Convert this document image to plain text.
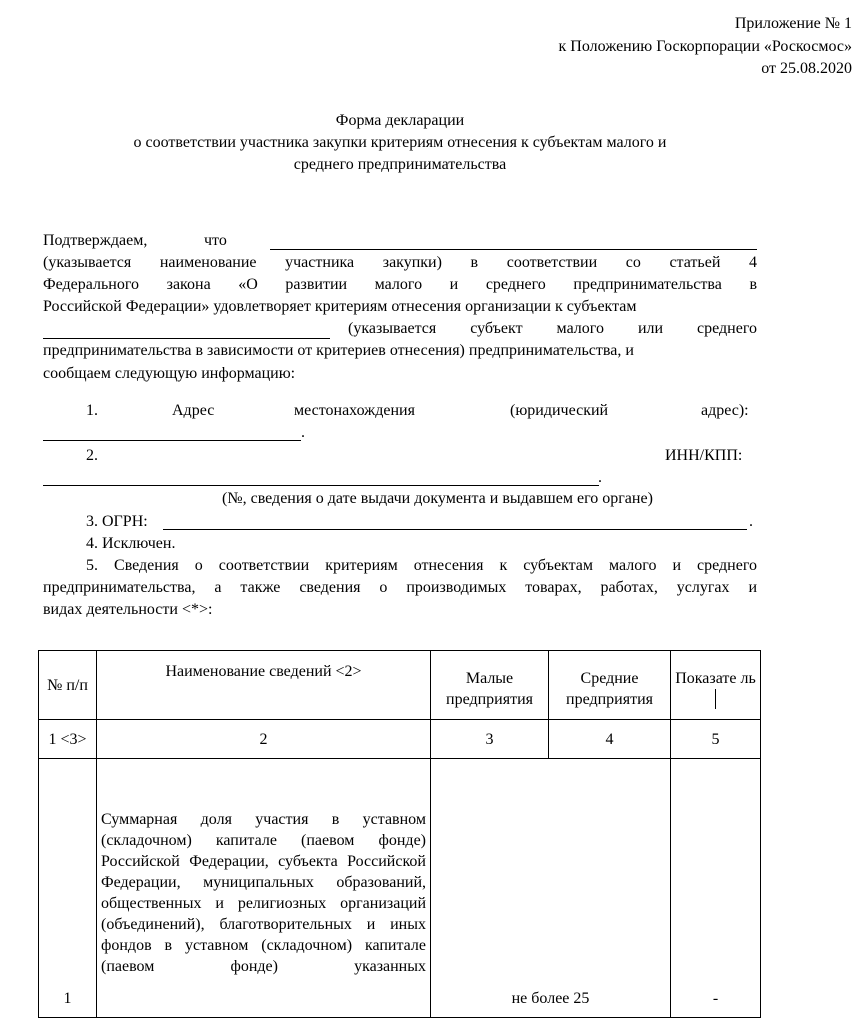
Приложение № 1
к Положению Госкорпорации «Роскосмос»
от 25.08.2020
Форма декларации
о соответствии участника закупки критериям отнесения к субъектам малого и
среднего предпринимательства
Подтверждаем,	что
(указывается наименование участника закупки) в соответствии со статьей 4
Федерального закона «О развитии малого и среднего предпринимательства в
Российской Федерации» удовлетворяет критериям отнесения организации к субъектам
(указывается субъект малого или среднего
предпринимательства в зависимости от критериев отнесения) предпринимательства, и
сообщаем следующую информацию:
1.	Адрес	местонахождения	(юридический	адрес):
.
2.	ИНН/КПП:
.
(№, сведения о дате выдачи документа и выдавшем его органе)
3. ОГРН:	.
4. Исключен.
5. Сведения о соответствии критериям отнесения к субъектам малого и среднего
предпринимательства, а также сведения о производимых товарах, работах, услугах и
видах деятельности <*>:
№ п/п	Наименование сведений <2>	Малые предприятия	Средние предприятия	Показате ль
1 <3>	2	3	4	5
1	Суммарная доля участия в уставном (складочном) капитале (паевом фонде) Российской Федерации, субъекта Российской Федерации, муниципальных образований, общественных и религиозных организаций (объединений), благотворительных и иных фондов в уставном (складочном) капитале (паевом фонде) указанных	не более 25		-
